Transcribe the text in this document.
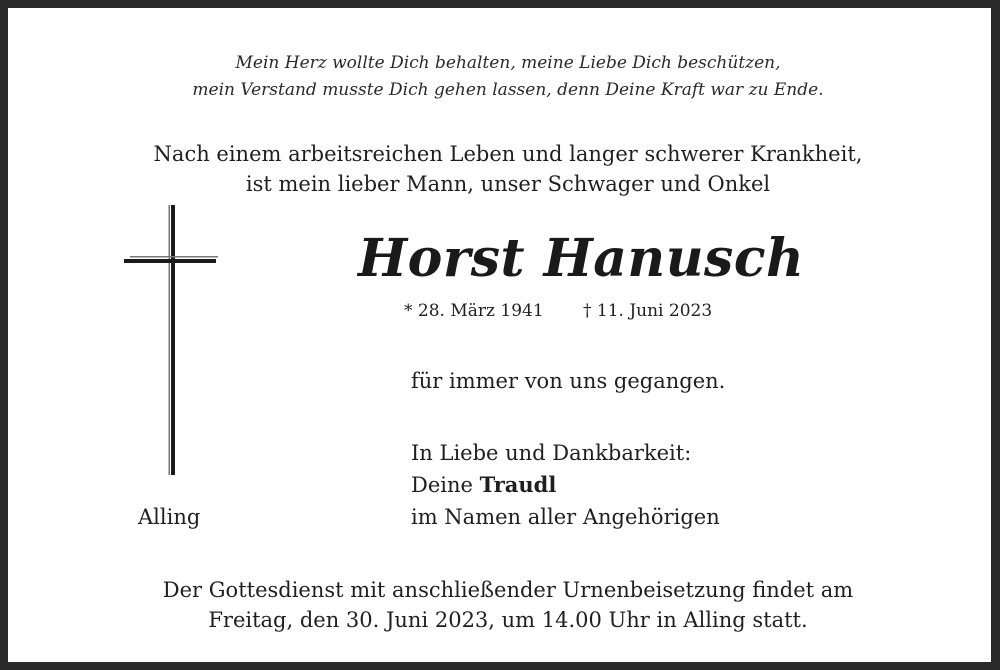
Mein Herz wollte Dich behalten, meine Liebe Dich beschützen,
mein Verstand musste Dich gehen lassen, denn Deine Kraft war zu Ende.
Nach einem arbeitsreichen Leben und langer schwerer Krankheit,
ist mein lieber Mann, unser Schwager und Onkel
Horst Hanusch
* 28. März 1941 † 11. Juni 2023
für immer von uns gegangen.
In Liebe und Dankbarkeit:
Deine Traudl
im Namen aller Angehörigen
Alling
Der Gottesdienst mit anschließender Urnenbeisetzung findet am
Freitag, den 30. Juni 2023, um 14.00 Uhr in Alling statt.
